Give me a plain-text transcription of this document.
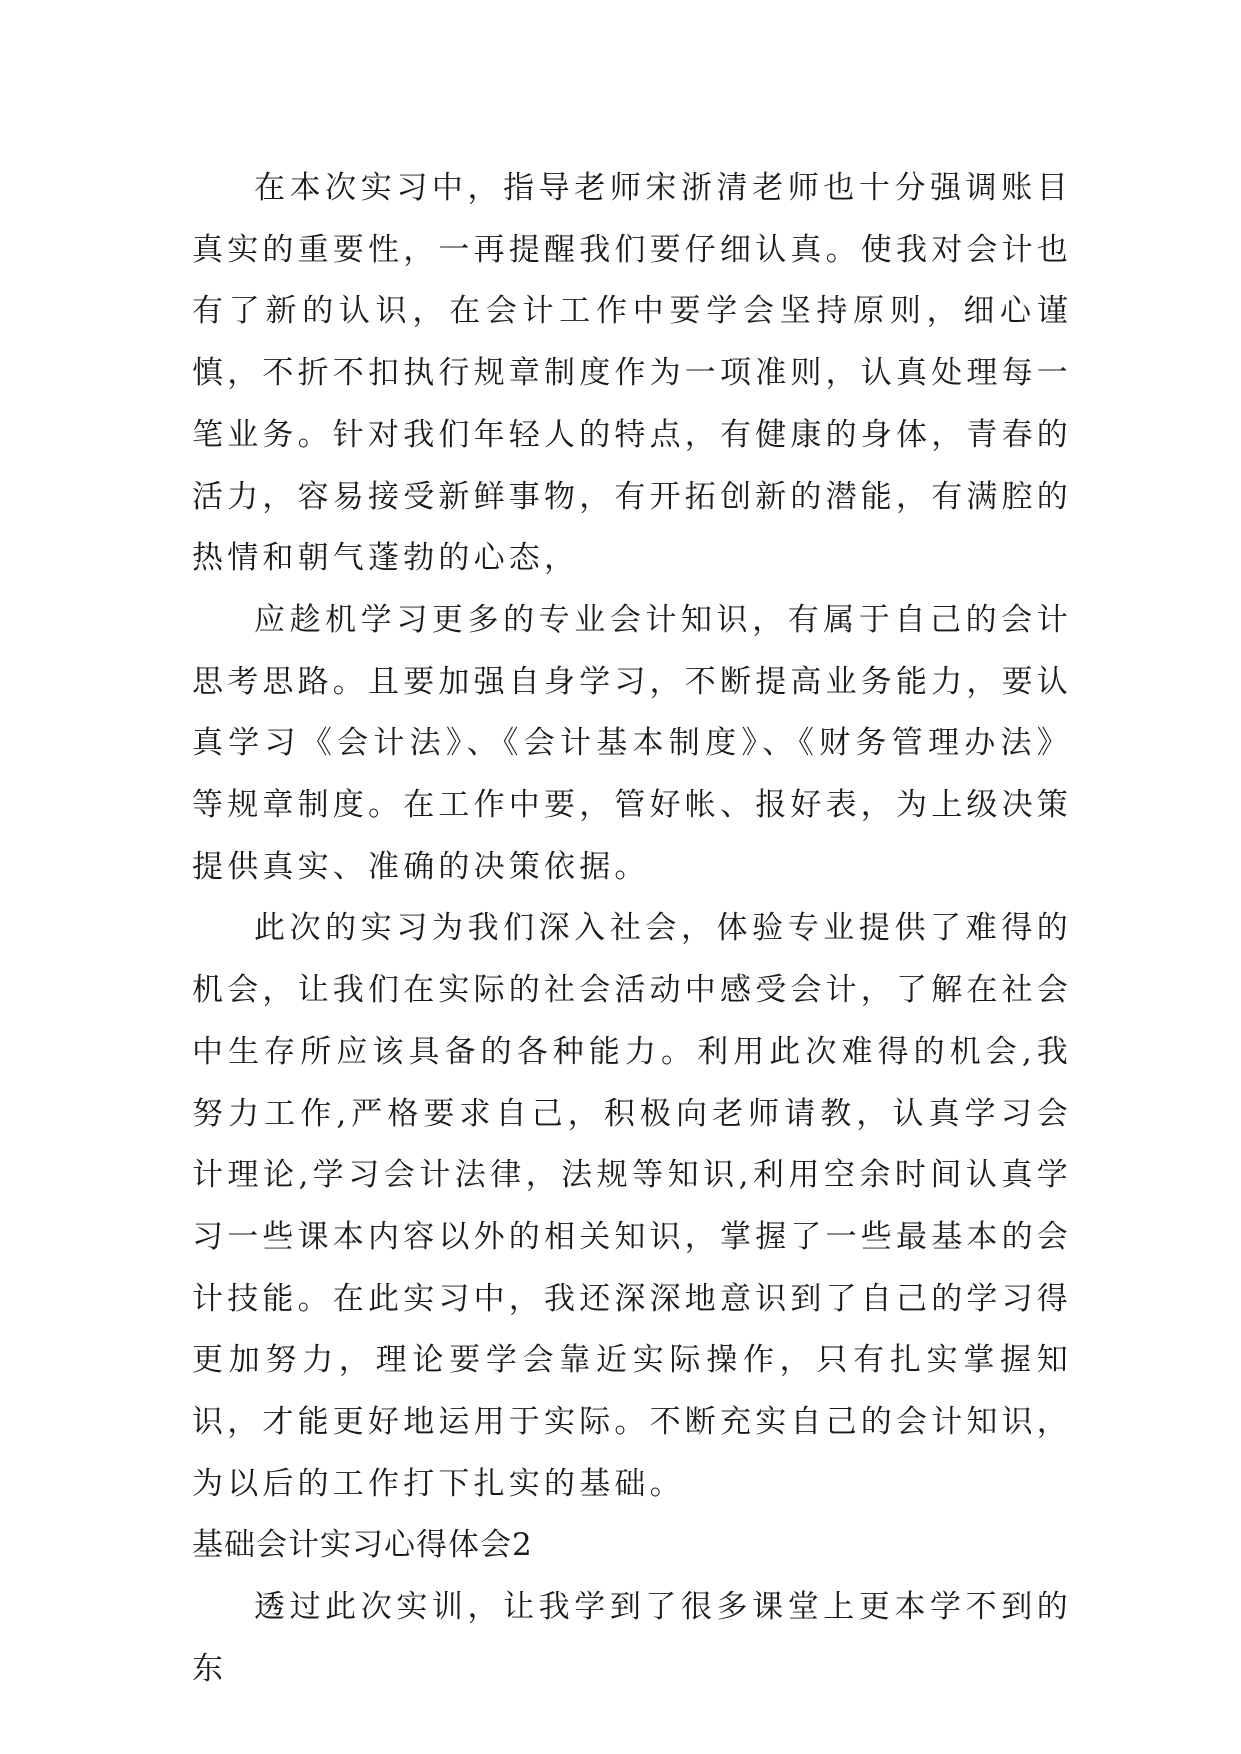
在本次实习中，指导老师宋浙清老师也十分强调账目真实的重要性，一再提醒我们要仔细认真。使我对会计也有了新的认识，在会计工作中要学会坚持原则，细心谨慎，不折不扣执行规章制度作为一项准则，认真处理每一笔业务。针对我们年轻人的特点，有健康的身体，青春的活力，容易接受新鲜事物，有开拓创新的潜能，有满腔的热情和朝气蓬勃的心态，

应趁机学习更多的专业会计知识，有属于自己的会计思考思路。且要加强自身学习，不断提高业务能力，要认真学习《会计法》、《会计基本制度》、《财务管理办法》等规章制度。在工作中要，管好帐、报好表，为上级决策提供真实、准确的决策依据。

此次的实习为我们深入社会，体验专业提供了难得的机会，让我们在实际的社会活动中感受会计，了解在社会中生存所应该具备的各种能力。利用此次难得的机会,我努力工作,严格要求自己，积极向老师请教，认真学习会计理论,学习会计法律，法规等知识,利用空余时间认真学习一些课本内容以外的相关知识，掌握了一些最基本的会计技能。在此实习中，我还深深地意识到了自己的学习得更加努力，理论要学会靠近实际操作，只有扎实掌握知识，才能更好地运用于实际。不断充实自己的会计知识，为以后的工作打下扎实的基础。

基础会计实习心得体会2

透过此次实训，让我学到了很多课堂上更本学不到的东
